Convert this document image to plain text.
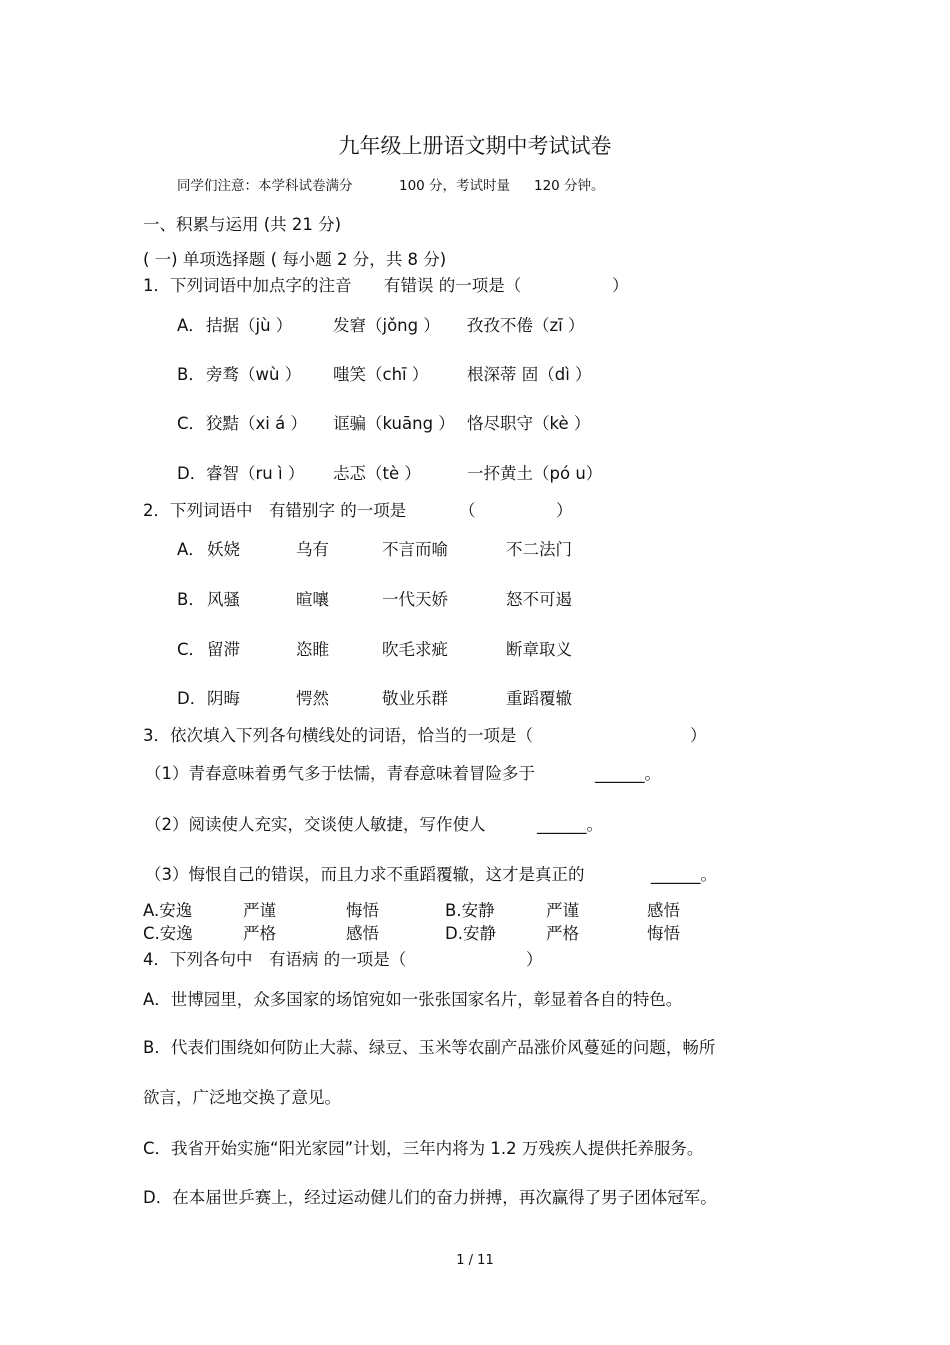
九年级上册语文期中考试试卷
同学们注意：本学科试卷满分	100 分，考试时量 120 分钟。
一、积累与运用 (共 21 分)
( 一) 单项选择题 ( 每小题 2 分，共 8 分)
1．下列词语中加点字的注音 有错误 的一项是（	）
A． 拮据（jù ） 发窘（jǒng ） 孜孜不倦（zī ）
B． 旁骛（wù ） 嗤笑（chī ） 根深蒂 固（dì ）
C． 狡黠（xi á ） 诓骗（kuāng ） 恪尽职守（kè ）
D． 睿智（ru ì ） 忐忑（tè ）	一抔黄土（pó u）
2．下列词语中 有错别字 的一项是	（	）
A． 妖娆	乌有	不言而喻	不二法门
B． 风骚	暄嚷	一代天娇	怒不可遏
C． 留滞	恣睢	吹毛求疵	断章取义
D． 阴晦	愕然	敬业乐群	重蹈覆辙
3．依次填入下列各句横线处的词语，恰当的一项是（	）
（1）青春意味着勇气多于怯懦，青春意味着冒险多于	______。
（2）阅读使人充实，交谈使人敏捷，写作使人	______。
（3）悔恨自己的错误，而且力求不重蹈覆辙，这才是真正的	______。
A.安逸	严谨	悔悟	B.安静	严谨	感悟
C.安逸	严格	感悟	D.安静	严格	悔悟
4．下列各句中 有语病 的一项是（	）
A．世博园里，众多国家的场馆宛如一张张国家名片，彰显着各自的特色。
B．代表们围绕如何防止大蒜、绿豆、玉米等农副产品涨价风蔓延的问题，畅所
欲言，广泛地交换了意见。
C．我省开始实施“阳光家园”计划，三年内将为 1.2 万残疾人提供托养服务。
D．在本届世乒赛上，经过运动健儿们的奋力拼搏，再次赢得了男子团体冠军。
1 / 11
